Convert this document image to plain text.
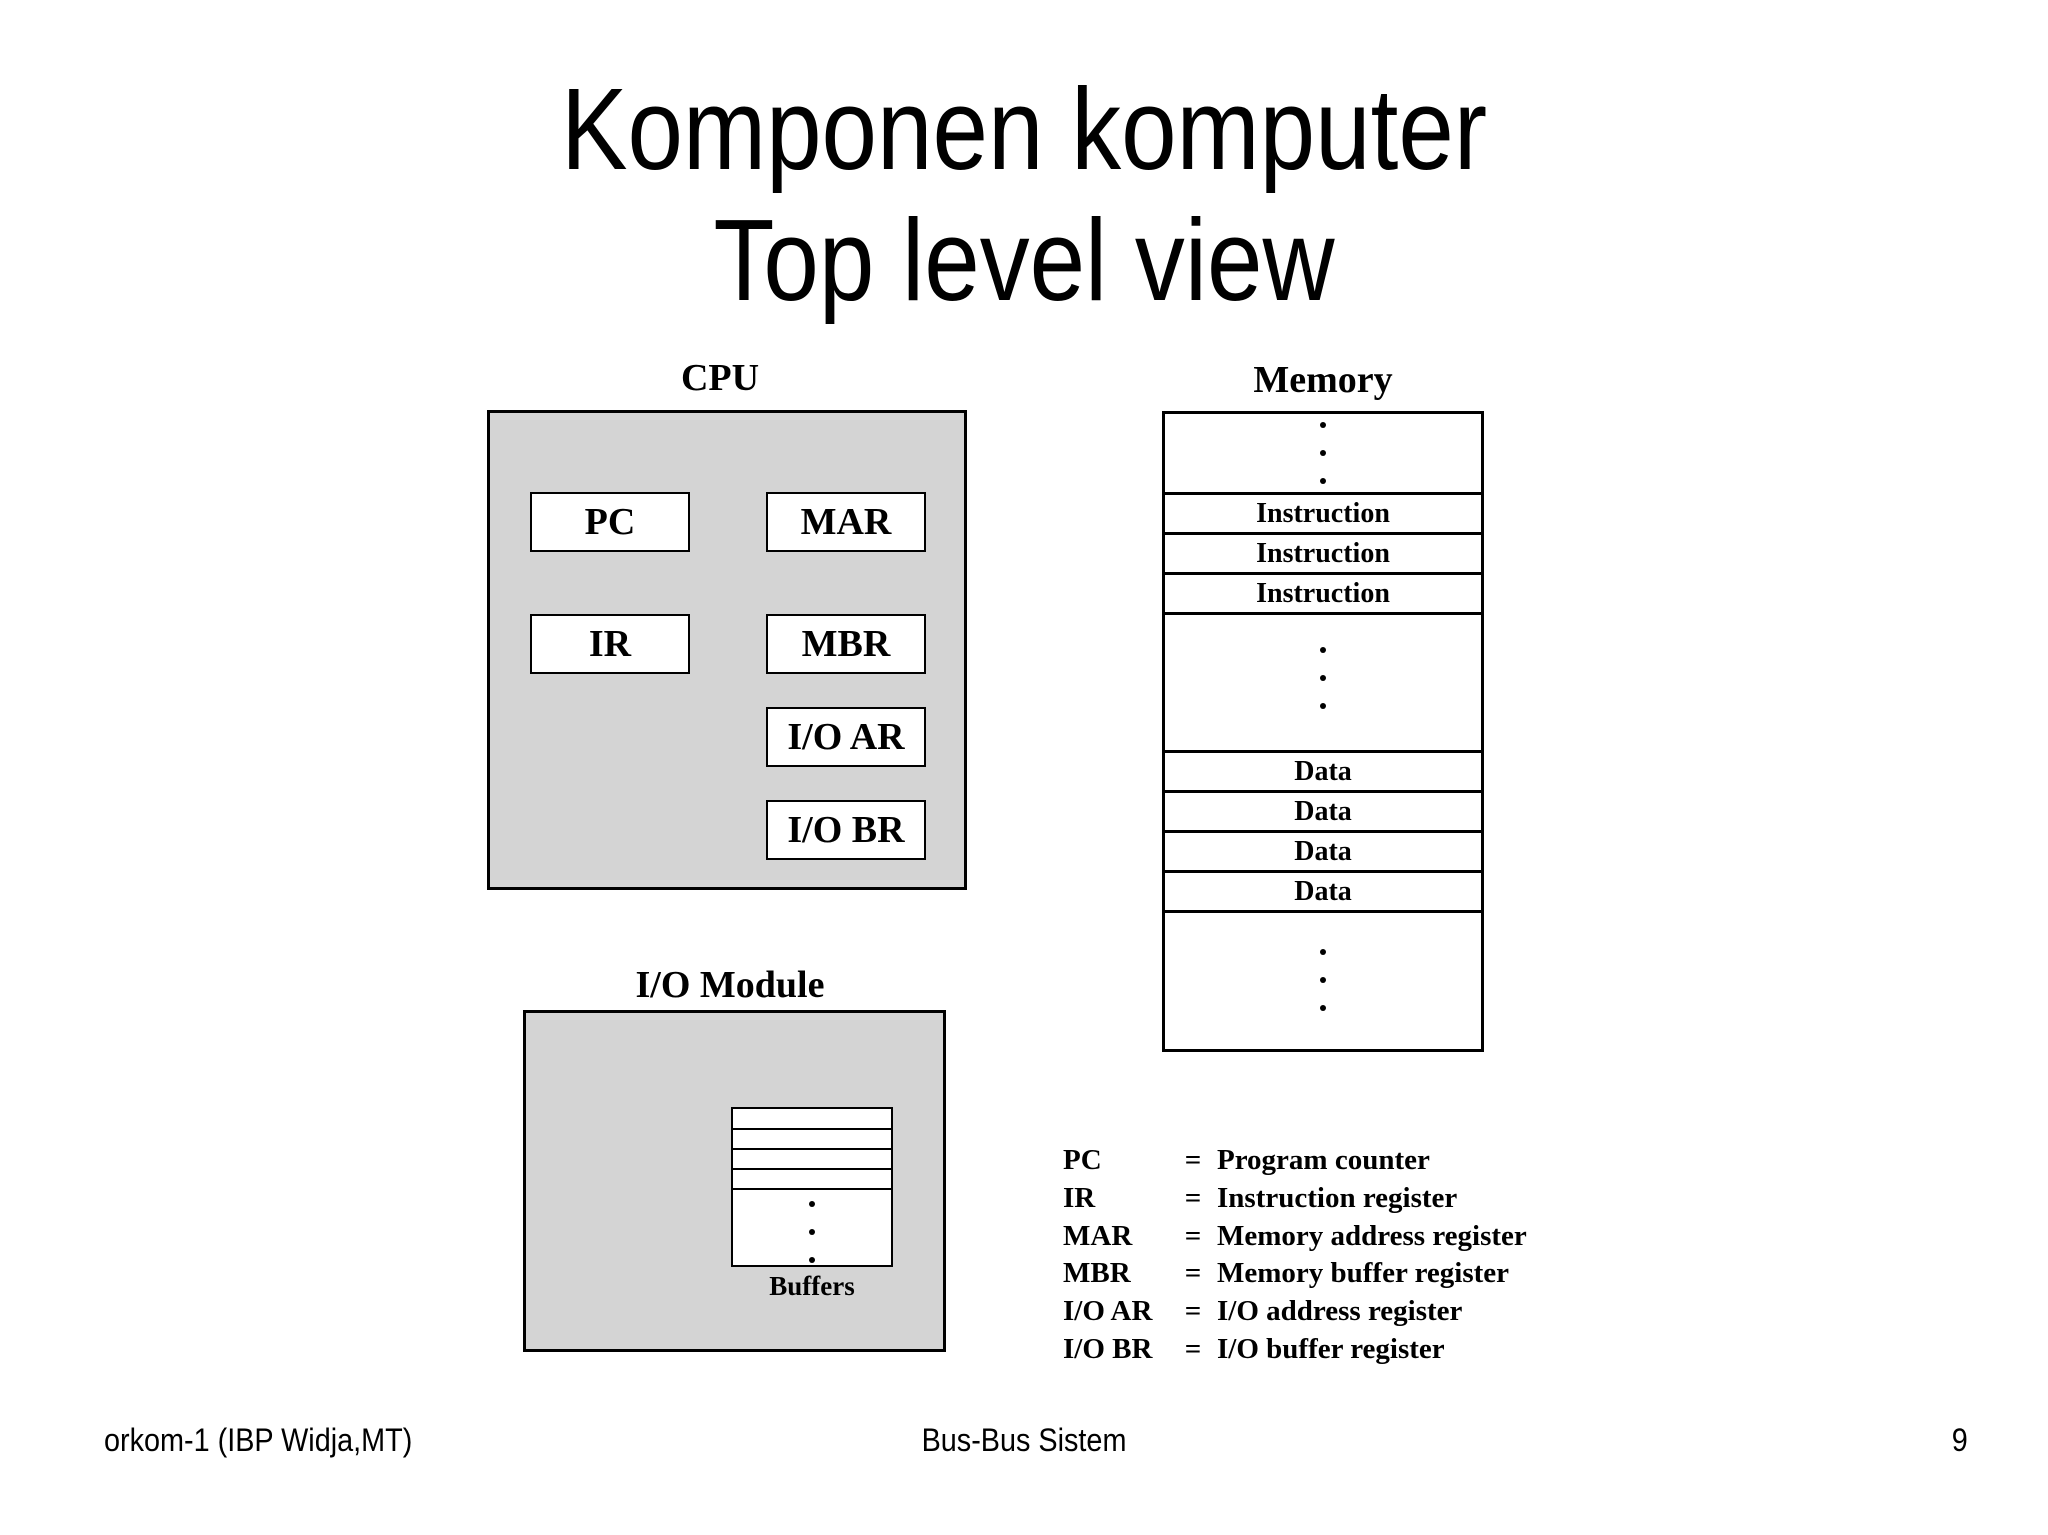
Komponen komputer
Top level view
CPU
PC	MAR
IR	MBR
I/O AR
I/O BR
Memory
Instruction
Instruction
Instruction
Data
Data
Data
Data
I/O Module
Buffers
PC	= Program counter
IR	= Instruction register
MAR	= Memory address register
MBR	= Memory buffer register
I/O AR	= I/O address register
I/O BR	= I/O buffer register
orkom-1 (IBP Widja,MT)	Bus-Bus Sistem	9
